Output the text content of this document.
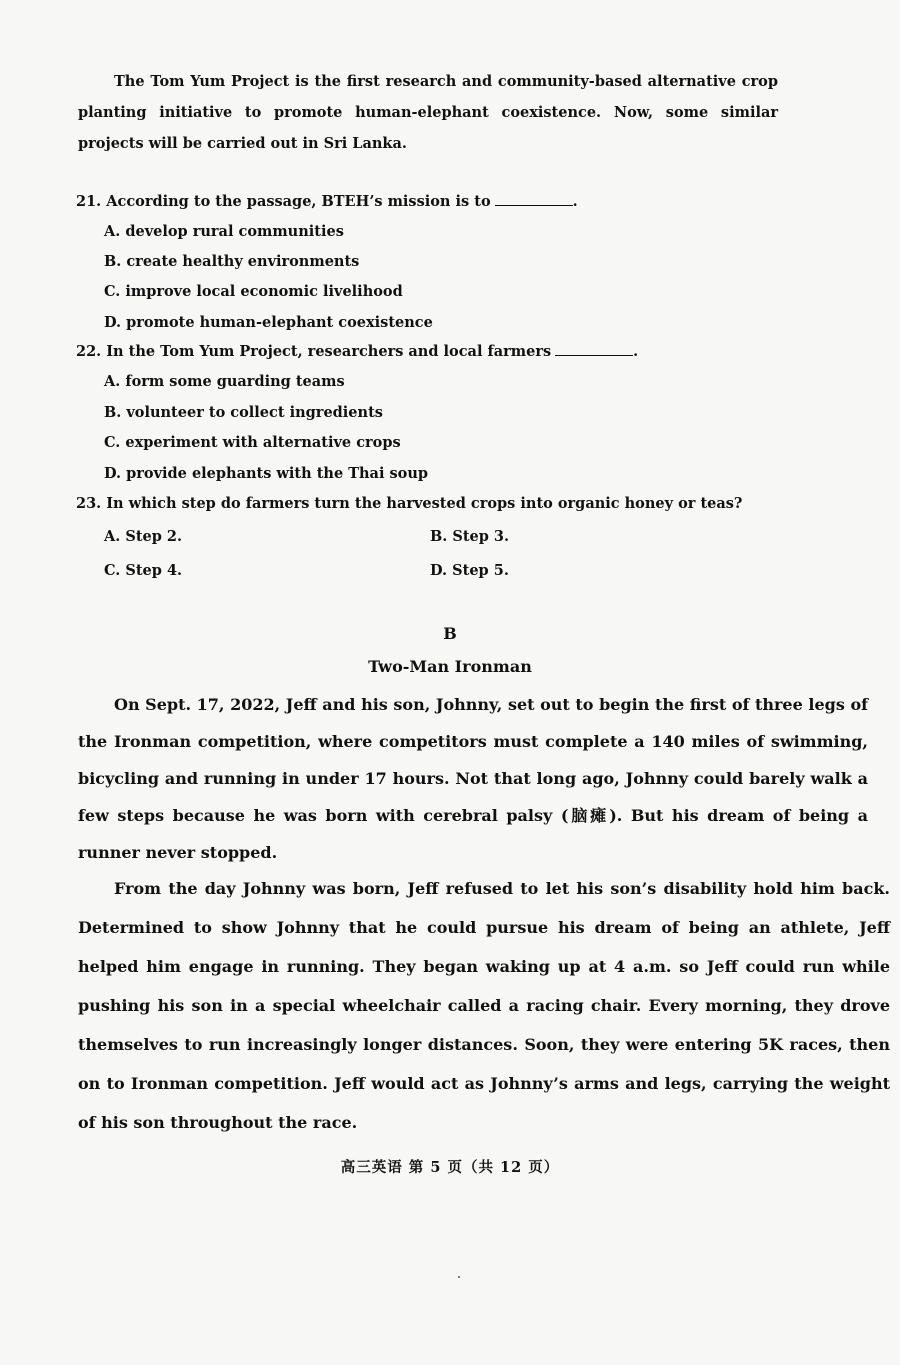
The Tom Yum Project is the first research and community-based alternative crop planting initiative to promote human-elephant coexistence. Now, some similar projects will be carried out in Sri Lanka.
21. According to the passage, BTEH’s mission is to	.
A. develop rural communities
B. create healthy environments
C. improve local economic livelihood
D. promote human-elephant coexistence
22. In the Tom Yum Project, researchers and local farmers	.
A. form some guarding teams
B. volunteer to collect ingredients
C. experiment with alternative crops
D. provide elephants with the Thai soup
23. In which step do farmers turn the harvested crops into organic honey or teas?
A. Step 2.	B. Step 3.
C. Step 4.	D. Step 5.
B
Two-Man Ironman
On Sept. 17, 2022, Jeff and his son, Johnny, set out to begin the first of three legs of the Ironman competition, where competitors must complete a 140 miles of swimming, bicycling and running in under 17 hours. Not that long ago, Johnny could barely walk a few steps because he was born with cerebral palsy (脑瘫). But his dream of being a runner never stopped.
From the day Johnny was born, Jeff refused to let his son’s disability hold him back. Determined to show Johnny that he could pursue his dream of being an athlete, Jeff helped him engage in running. They began waking up at 4 a.m. so Jeff could run while pushing his son in a special wheelchair called a racing chair. Every morning, they drove themselves to run increasingly longer distances. Soon, they were entering 5K races, then on to Ironman competition. Jeff would act as Johnny’s arms and legs, carrying the weight of his son throughout the race.
高三英语 第 5 页（共 12 页）
